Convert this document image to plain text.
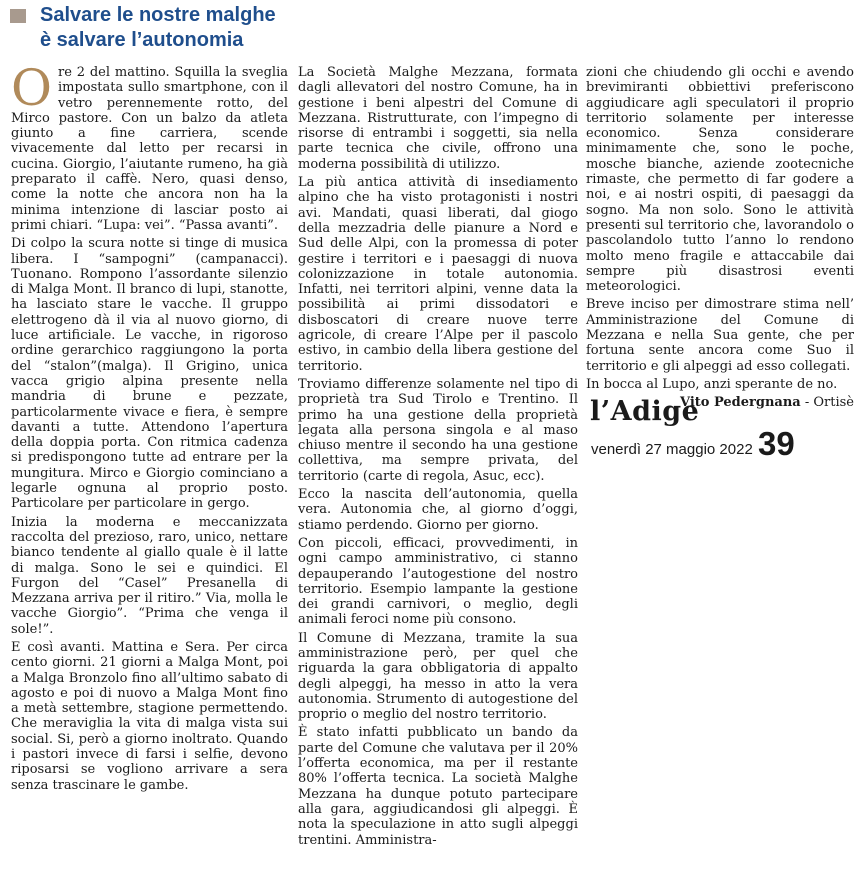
Salvare le nostre malghe
è salvare l’autonomia

Ore 2 del mattino. Squilla la sveglia impostata sullo smartphone, con il vetro perennemente rotto, del Mirco pastore. Con un balzo da atleta giunto a fine carriera, scende vivacemente dal letto per recarsi in cucina. Giorgio, l’aiutante rumeno, ha già preparato il caffè. Nero, quasi denso, come la notte che ancora non ha la minima intenzione di lasciar posto ai primi chiari. “Lupa: vei”. “Passa avanti”.

Di colpo la scura notte si tinge di musica libera. I “sampogni” (campanacci). Tuonano. Rompono l’assordante silenzio di Malga Mont. Il branco di lupi, stanotte, ha lasciato stare le vacche. Il gruppo elettrogeno dà il via al nuovo giorno, di luce artificiale. Le vacche, in rigoroso ordine gerarchico raggiungono la porta del “stalon”(malga). Il Grigino, unica vacca grigio alpina presente nella mandria di brune e pezzate, particolarmente vivace e fiera, è sempre davanti a tutte. Attendono l’apertura della doppia porta. Con ritmica cadenza si predispongono tutte ad entrare per la mungitura. Mirco e Giorgio cominciano a legarle ognuna al proprio posto. Particolare per particolare in gergo.

Inizia la moderna e meccanizzata raccolta del prezioso, raro, unico, nettare bianco tendente al giallo quale è il latte di malga. Sono le sei e quindici. El Furgon del “Casel” Presanella di Mezzana arriva per il ritiro.” Via, molla le vacche Giorgio”. “Prima che venga il sole!”.

E così avanti. Mattina e Sera. Per circa cento giorni. 21 giorni a Malga Mont, poi a Malga Bronzolo fino all’ultimo sabato di agosto e poi di nuovo a Malga Mont fino a metà settembre, stagione permettendo. Che meraviglia la vita di malga vista sui social. Si, però a giorno inoltrato. Quando i pastori invece di farsi i selfie, devono riposarsi se vogliono arrivare a sera senza trascinare le gambe.

La Società Malghe Mezzana, formata dagli allevatori del nostro Comune, ha in gestione i beni alpestri del Comune di Mezzana. Ristrutturate, con l’impegno di risorse di entrambi i soggetti, sia nella parte tecnica che civile, offrono una moderna possibilità di utilizzo.

La più antica attività di insediamento alpino che ha visto protagonisti i nostri avi. Mandati, quasi liberati, dal giogo della mezzadria delle pianure a Nord e Sud delle Alpi, con la promessa di poter gestire i territori e i paesaggi di nuova colonizzazione in totale autonomia. Infatti, nei territori alpini, venne data la possibilità ai primi dissodatori e disboscatori di creare nuove terre agricole, di creare l’Alpe per il pascolo estivo, in cambio della libera gestione del territorio.

Troviamo differenze solamente nel tipo di proprietà tra Sud Tirolo e Trentino. Il primo ha una gestione della proprietà legata alla persona singola e al maso chiuso mentre il secondo ha una gestione collettiva, ma sempre privata, del territorio (carte di regola, Asuc, ecc).

Ecco la nascita dell’autonomia, quella vera. Autonomia che, al giorno d’oggi, stiamo perdendo. Giorno per giorno.

Con piccoli, efficaci, provvedimenti, in ogni campo amministrativo, ci stanno depauperando l’autogestione del nostro territorio. Esempio lampante la gestione dei grandi carnivori, o meglio, degli animali feroci nome più consono.

Il Comune di Mezzana, tramite la sua amministrazione però, per quel che riguarda la gara obbligatoria di appalto degli alpeggi, ha messo in atto la vera autonomia. Strumento di autogestione del proprio o meglio del nostro territorio.

È stato infatti pubblicato un bando da parte del Comune che valutava per il 20% l’offerta economica, ma per il restante 80% l’offerta tecnica. La società Malghe Mezzana ha dunque potuto partecipare alla gara, aggiudicandosi gli alpeggi. È nota la speculazione in atto sugli alpeggi trentini. Amministra-

zioni che chiudendo gli occhi e avendo brevimiranti obbiettivi preferiscono aggiudicare agli speculatori il proprio territorio solamente per interesse economico. Senza considerare minimamente che, sono le poche, mosche bianche, aziende zootecniche rimaste, che permetto di far godere a noi, e ai nostri ospiti, di paesaggi da sogno. Ma non solo. Sono le attività presenti sul territorio che, lavorandolo o pascolandolo tutto l’anno lo rendono molto meno fragile e attaccabile dai sempre più disastrosi eventi meteorologici.

Breve inciso per dimostrare stima nell’ Amministrazione del Comune di Mezzana e nella Sua gente, che per fortuna sente ancora come Suo il territorio e gli alpeggi ad esso collegati.

In bocca al Lupo, anzi sperante de no.

Vito Pedergnana - Ortisè
l’Adige
venerdì 27 maggio 2022 39
